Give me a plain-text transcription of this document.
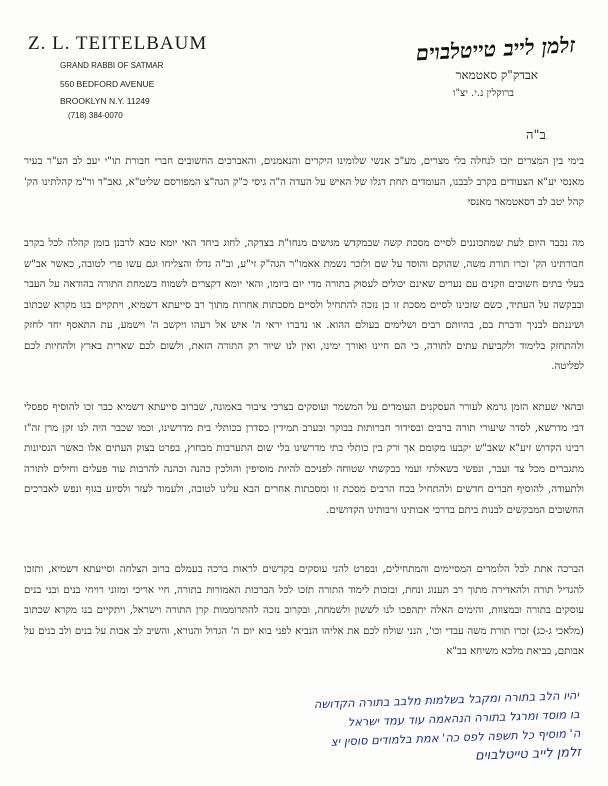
Z. L. TEITELBAUM
GRAND RABBI OF SATMAR
550 BEDFORD AVENUE
BROOKLYN N.Y. 11249
(718) 384-0070
זלמן לייב טייטלבוים
אבדק"ק סאטמאר
ברוקלין נ.י. יצ"ו
ב"ה
בימי בין המצרים יזכו לנחלה בלי מצרים, מע"כ אנשי שלומינו היקרים והנאמנים, והאברכים החשובים חברי חבורת תו"י יעב לב הע"ר בעיר מאנסי יע"א הצעודים בקרב לבבנו, העומדים תחת דגלו של האיש על העדה ה"ה גיסי כ"ק הגה"צ המפורסם שליט"א, גאב"ד ור"מ קהלתינו הק' קהל יטב לב דסאטמאר מאנסי
מה נכבד היום לעת שמתכוננים לסיים מסכת קשה שבמקדש מגישים מנחו"ת בצדקה, לחוג ביחד האי יומא טבא לרבנן בזמן קהלה לכל בקרב חבורתינו הק' זכרו תורת משה, שהוקם והוסד על שם ולזכר נשמת אאמו"ר הגה"ק זי"ע, וב"ה גדלו והצליחו וגם עשו פרי לטובה, כאשר אב"ש בעלי בתים חשובים וזקנים עם נערים שאינם יכולים לעסוק בתורה מדי יום ביומו, והאי יומא דקצרים לשמוח בשמחת התורה בהודאה על העבר ובבקשה על העתיד, כשם שזכינו לסיים מסכת זו כן נזכה להתחיל ולסיים מסכתות אחרות מתוך רב סייעתא דשמיא, ויתקיים בנו מקרא שכתוב ושיננתם לבניך ודברת בם, בהיותם רבים ושלימים בעולם ההוא. או נדברו יראי ה' איש אל רעהו ויקשב ה' וישמע, עת התאסף יחד לחזק ולהתחזק בלימוד ולקביעת עתים לתורה, כי הם חיינו ואורך ימינו, ואין לנו שיור רק התורה הזאת, ולשום לכם שארית בארץ ולהחיות לכם לפליטה.
ובהאי שעתא הזמן גרמא לעורר העסקנים העומדים על המשמר ועוסקים בצרכי ציבור באמונה, שברוב סייעתא דשמיא כבר זכו להוסיף ספסלי דבי מדרשא, לסדר שיעורי תורה ברבים ובסידור חברותות בבוקר ובערב תמידין כסדרן בכותלי בית מדרשינו, וכמו שכבר היה לנו זקן מרן זה"ז רבינו הקדוש זיע"א שאב"ש יקבעו מקומם אך ורק בין כותלי בתי מדרשינו בלי שום התערבות מבחוץ, בפרט בצוק העתים אלו כאשר הנסיונות מתגברים מכל צד ועבר, ונפשי בשאלתי ועמי בבקשתי שטוחה לפניכם להיות מוסיפין והולכין כהנה וכהנה להרבות עוד פעלים וחילים לתורה ולתעודה, להוסיף חברים חדשים ולהתחיל בכח הרבים מסכת זו ומסכתות אחרים הבא עלינו לטובה, ולעמוד לעזר ולסיוע בגוף ונפש לאברכים החשובים המבקשים לבנות ביתם בדרכי אבותינו ורבותינו הקדושים.
הברכה אתת לכל הלומדים המסיימים והמתחילים, ובפרט להני עוסקים בקדשים לראות ברכה בעמלם ברוב הצלחה וסייעתא דשמיא, ותזכו להגדיל תורה ולהאדירה מתוך רב תענוג ונחת, ובזכות לימוד התורה תזכו לכל הברכות האמורות בתורה, חיי אריכי ומזוני רויחי בנים ובני בנים עוסקים בתורה ובמצוות, והימים האלה יתהפכו לנו לששון ולשמחה, ובקרוב נזכה להתרוממות קרן התורה וישראל, ויתקיים בנו מקרא שכתוב (מלאכי ג-כג) זכרו תורת משה עבדי וכו', הנני שולח לכם את אליהו הנביא לפני בוא יום ה' הגדול והנורא, והשיב לב אבות על בנים ולב בנים על אבותם, בביאת מלכא משיחא בב"א
יהיו הלב בתורה ומקבל בשלמות מלבב בתורה הקדושה
בו מוסד ומרגל בתורה הנהאמה עוד עמד ישראל
ה' מוסיף כל תשפה לפס כה' אמת בלמודים סוסין יצ
זלמן לייב טייטלבוים
